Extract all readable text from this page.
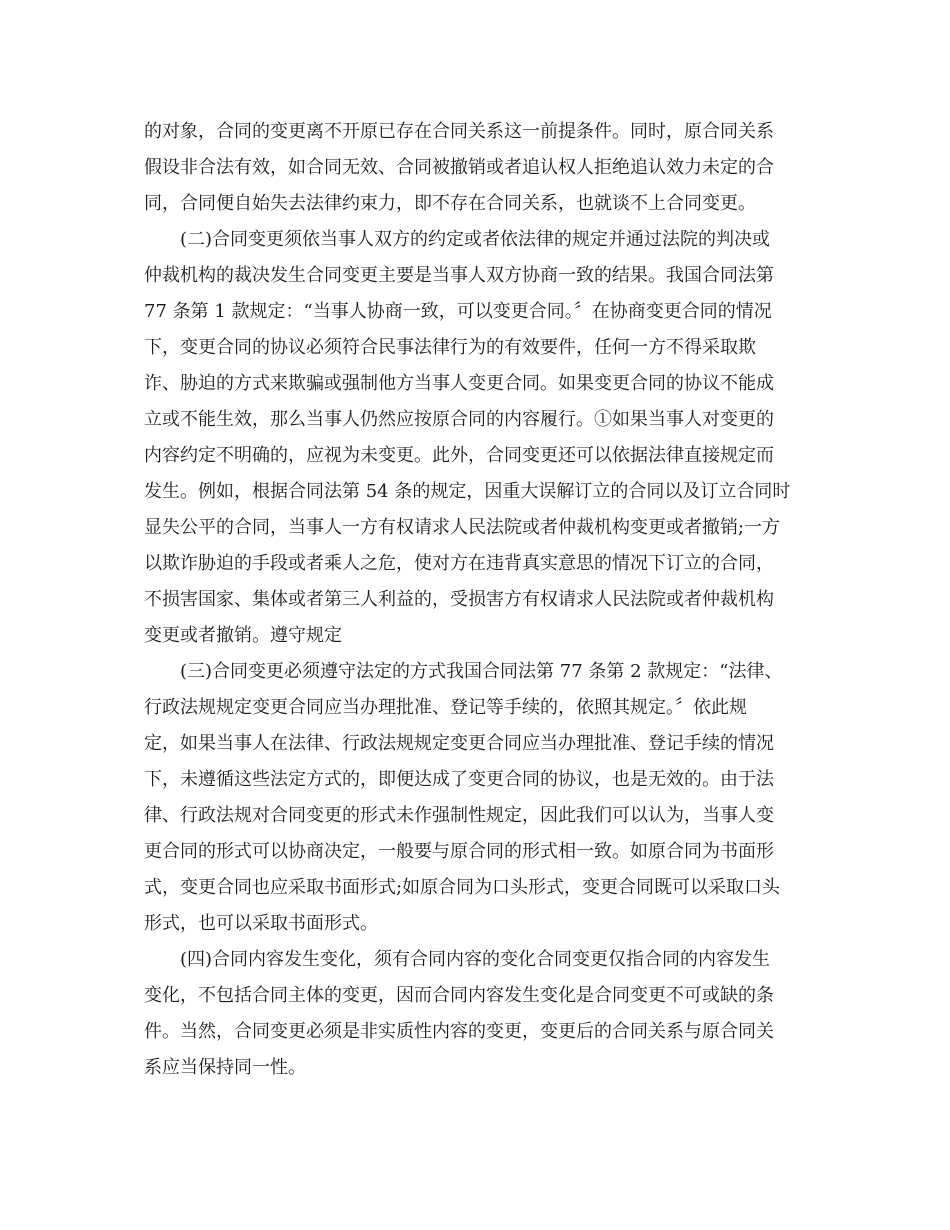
的对象，合同的变更离不开原已存在合同关系这一前提条件。同时，原合同关系
假设非合法有效，如合同无效、合同被撤销或者追认权人拒绝追认效力未定的合
同，合同便自始失去法律约束力，即不存在合同关系，也就谈不上合同变更。
(二)合同变更须依当事人双方的约定或者依法律的规定并通过法院的判决或
仲裁机构的裁决发生合同变更主要是当事人双方协商一致的结果。我国合同法第
77 条第 1 款规定：“当事人协商一致，可以变更合同。〞在协商变更合同的情况
下，变更合同的协议必须符合民事法律行为的有效要件，任何一方不得采取欺
诈、胁迫的方式来欺骗或强制他方当事人变更合同。如果变更合同的协议不能成
立或不能生效，那么当事人仍然应按原合同的内容履行。①如果当事人对变更的
内容约定不明确的，应视为未变更。此外，合同变更还可以依据法律直接规定而
发生。例如，根据合同法第 54 条的规定，因重大误解订立的合同以及订立合同时
显失公平的合同，当事人一方有权请求人民法院或者仲裁机构变更或者撤销;一方
以欺诈胁迫的手段或者乘人之危，使对方在违背真实意思的情况下订立的合同，
不损害国家、集体或者第三人利益的，受损害方有权请求人民法院或者仲裁机构
变更或者撤销。遵守规定
(三)合同变更必须遵守法定的方式我国合同法第 77 条第 2 款规定：“法律、
行政法规规定变更合同应当办理批准、登记等手续的，依照其规定。〞依此规
定，如果当事人在法律、行政法规规定变更合同应当办理批准、登记手续的情况
下，未遵循这些法定方式的，即便达成了变更合同的协议，也是无效的。由于法
律、行政法规对合同变更的形式未作强制性规定，因此我们可以认为，当事人变
更合同的形式可以协商决定，一般要与原合同的形式相一致。如原合同为书面形
式，变更合同也应采取书面形式;如原合同为口头形式，变更合同既可以采取口头
形式，也可以采取书面形式。
(四)合同内容发生变化，须有合同内容的变化合同变更仅指合同的内容发生
变化，不包括合同主体的变更，因而合同内容发生变化是合同变更不可或缺的条
件。当然，合同变更必须是非实质性内容的变更，变更后的合同关系与原合同关
系应当保持同一性。
